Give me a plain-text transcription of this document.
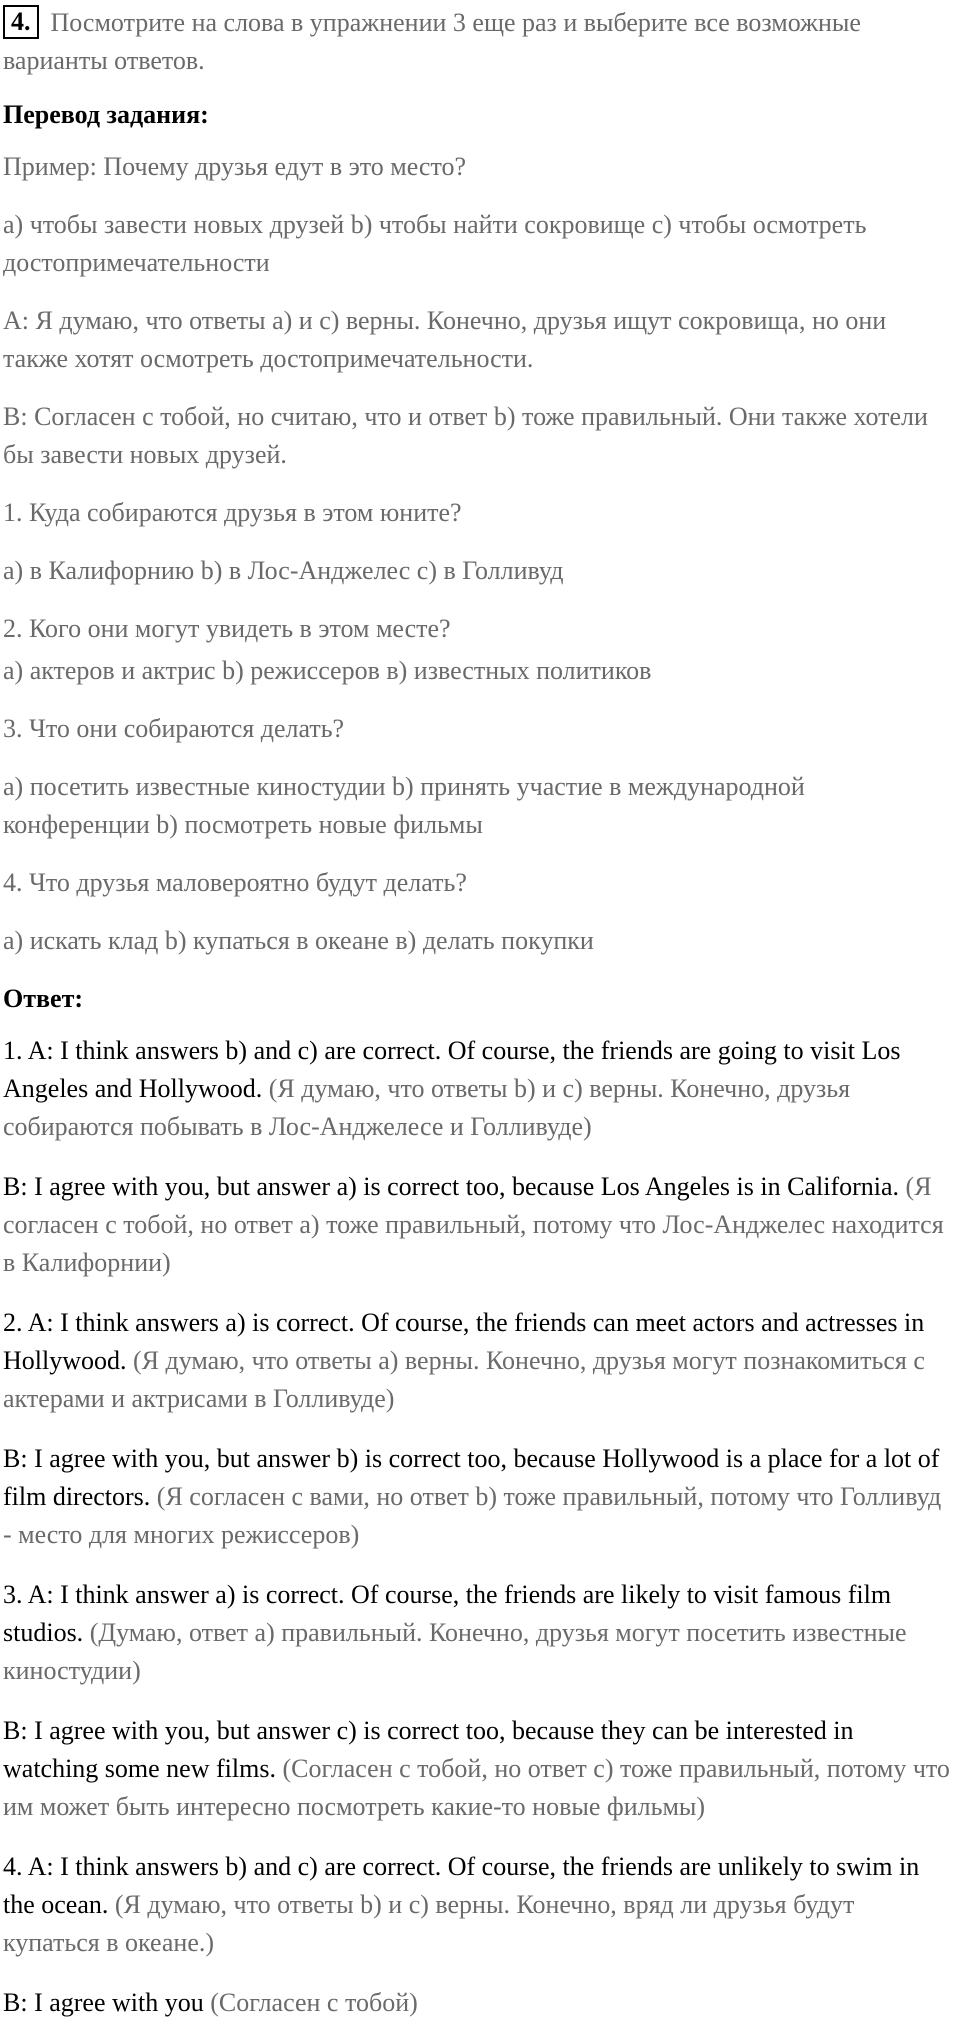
4. Посмотрите на слова в упражнении 3 еще раз и выберите все возможные варианты ответов.

Перевод задания:

Пример: Почему друзья едут в это место?

а) чтобы завести новых друзей b) чтобы найти сокровище c) чтобы осмотреть достопримечательности

А: Я думаю, что ответы а) и с) верны. Конечно, друзья ищут сокровища, но они также хотят осмотреть достопримечательности.

В: Согласен с тобой, но считаю, что и ответ b) тоже правильный. Они также хотели бы завести новых друзей.

1. Куда собираются друзья в этом юните?

а) в Калифорнию b) в Лос-Анджелес с) в Голливуд

2. Кого они могут увидеть в этом месте?

а) актеров и актрис b) режиссеров в) известных политиков

3. Что они собираются делать?

а) посетить известные киностудии b) принять участие в международной конференции b) посмотреть новые фильмы

4. Что друзья маловероятно будут делать?

а) искать клад b) купаться в океане в) делать покупки

Ответ:

1. A: I think answers b) and c) are correct. Of course, the friends are going to visit Los Angeles and Hollywood. (Я думаю, что ответы b) и с) верны. Конечно, друзья собираются побывать в Лос-Анджелесе и Голливуде)

B: I agree with you, but answer a) is correct too, because Los Angeles is in California. (Я согласен с тобой, но ответ а) тоже правильный, потому что Лос-Анджелес находится в Калифорнии)

2. A: I think answers a) is correct. Of course, the friends can meet actors and actresses in Hollywood. (Я думаю, что ответы а) верны. Конечно, друзья могут познакомиться с актерами и актрисами в Голливуде)

B: I agree with you, but answer b) is correct too, because Hollywood is a place for a lot of film directors. (Я согласен с вами, но ответ b) тоже правильный, потому что Голливуд - место для многих режиссеров)

3. A: I think answer a) is correct. Of course, the friends are likely to visit famous film studios. (Думаю, ответ а) правильный. Конечно, друзья могут посетить известные киностудии)

B: I agree with you, but answer c) is correct too, because they can be interested in watching some new films. (Согласен с тобой, но ответ с) тоже правильный, потому что им может быть интересно посмотреть какие-то новые фильмы)

4. A: I think answers b) and c) are correct. Of course, the friends are unlikely to swim in the ocean. (Я думаю, что ответы b) и с) верны. Конечно, вряд ли друзья будут купаться в океане.)

B: I agree with you (Согласен с тобой)
